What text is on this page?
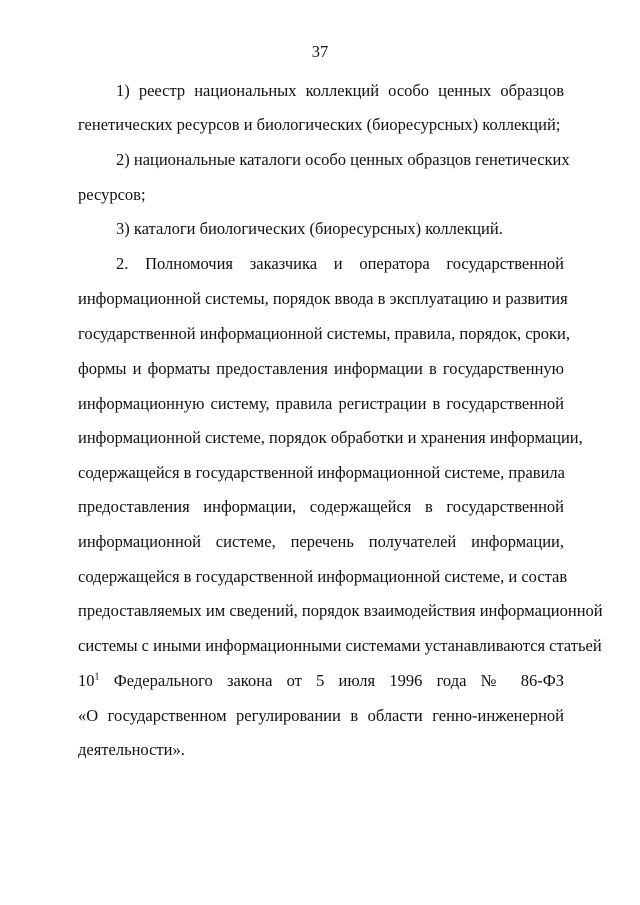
37
1) реестр национальных коллекций особо ценных образцов
генетических ресурсов и биологических (биоресурсных) коллекций;
2) национальные каталоги особо ценных образцов генетических
ресурсов;
3) каталоги биологических (биоресурсных) коллекций.
2. Полномочия заказчика и оператора государственной
информационной системы, порядок ввода в эксплуатацию и развития
государственной информационной системы, правила, порядок, сроки,
формы и форматы предоставления информации в государственную
информационную систему, правила регистрации в государственной
информационной системе, порядок обработки и хранения информации,
содержащейся в государственной информационной системе, правила
предоставления информации, содержащейся в государственной
информационной системе, перечень получателей информации,
содержащейся в государственной информационной системе, и состав
предоставляемых им сведений, порядок взаимодействия информационной
системы с иными информационными системами устанавливаются статьей
$10^1$ Федерального закона от 5 июля 1996 года № 86-ФЗ
«О государственном регулировании в области генно-инженерной
деятельности».
